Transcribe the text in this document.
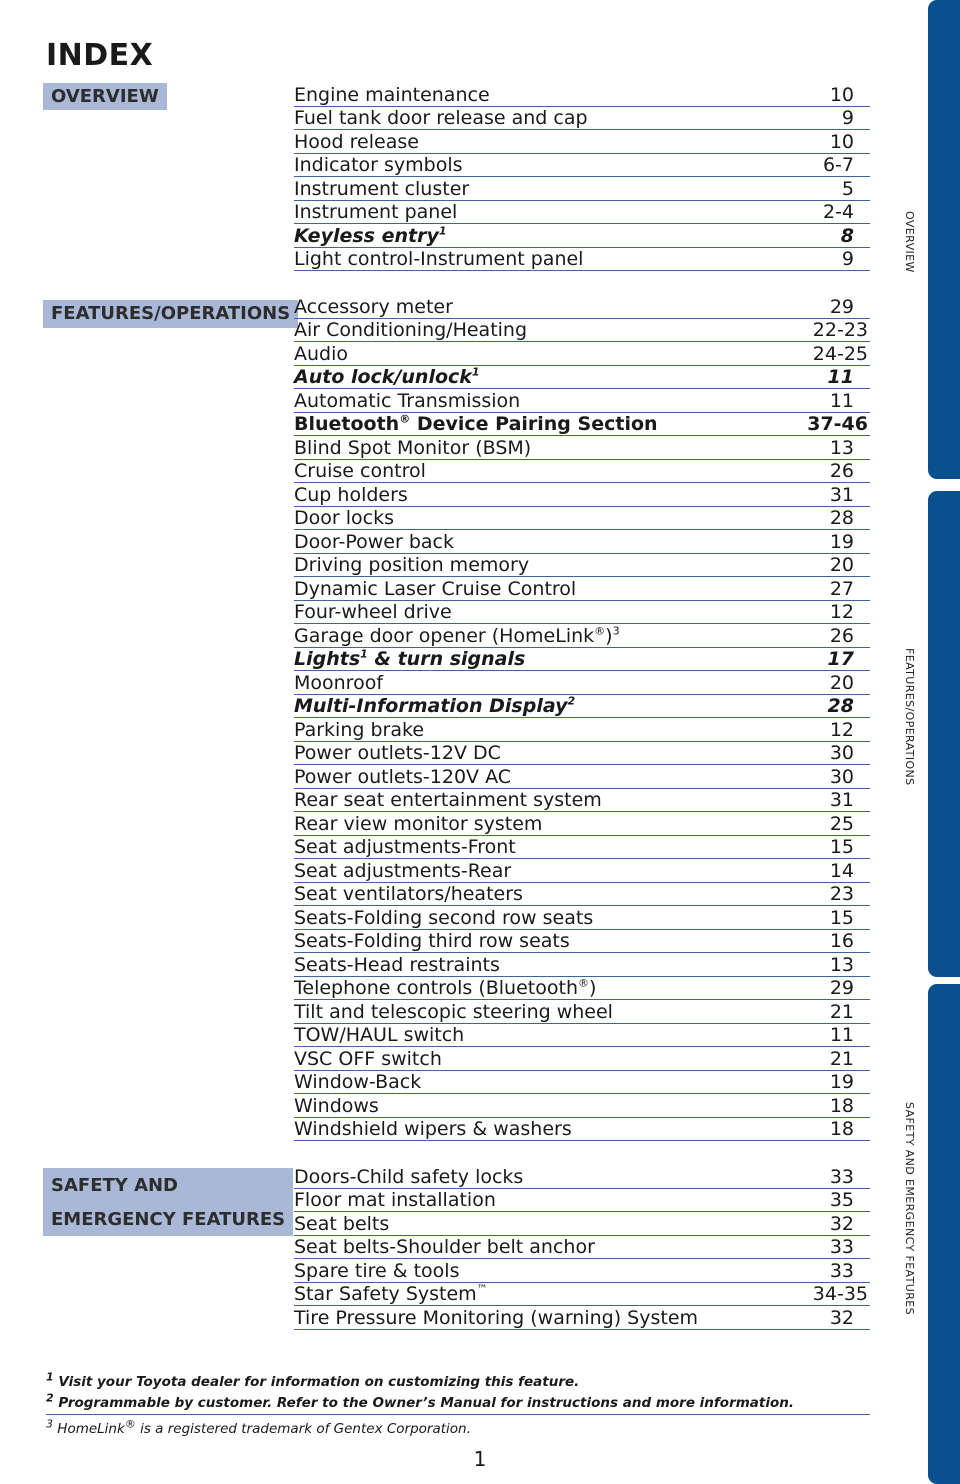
INDEX
OVERVIEW
FEATURES/OPERATIONS
SAFETY AND
EMERGENCY FEATURES
Engine maintenance	10
Fuel tank door release and cap	9
Hood release	10
Indicator symbols	6-7
Instrument cluster	5
Instrument panel	2-4
Keyless entry$^1$	8
Light control-Instrument panel	9
Accessory meter	29
Air Conditioning/Heating	22-23
Audio	24-25
Auto lock/unlock$^1$	11
Automatic Transmission	11
Bluetooth® Device Pairing Section	37-46
Blind Spot Monitor (BSM)	13
Cruise control	26
Cup holders	31
Door locks	28
Door-Power back	19
Driving position memory	20
Dynamic Laser Cruise Control	27
Four-wheel drive	12
Garage door opener (HomeLink®)$^3$	26
Lights$^1$ & turn signals	17
Moonroof	20
Multi-Information Display$^2$	28
Parking brake	12
Power outlets-12V DC	30
Power outlets-120V AC	30
Rear seat entertainment system	31
Rear view monitor system	25
Seat adjustments-Front	15
Seat adjustments-Rear	14
Seat ventilators/heaters	23
Seats-Folding second row seats	15
Seats-Folding third row seats	16
Seats-Head restraints	13
Telephone controls (Bluetooth®)	29
Tilt and telescopic steering wheel	21
TOW/HAUL switch	11
VSC OFF switch	21
Window-Back	19
Windows	18
Windshield wipers & washers	18
Doors-Child safety locks	33
Floor mat installation	35
Seat belts	32
Seat belts-Shoulder belt anchor	33
Spare tire & tools	33
Star Safety System™	34-35
Tire Pressure Monitoring (warning) System	32
$^1$ Visit your Toyota dealer for information on customizing this feature.
$^2$ Programmable by customer. Refer to the Owner’s Manual for instructions and more information.
$^3$ HomeLink® is a registered trademark of Gentex Corporation.
1
OVERVIEW
FEATURES/OPERATIONS
SAFETY AND EMERGENCY FEATURES
